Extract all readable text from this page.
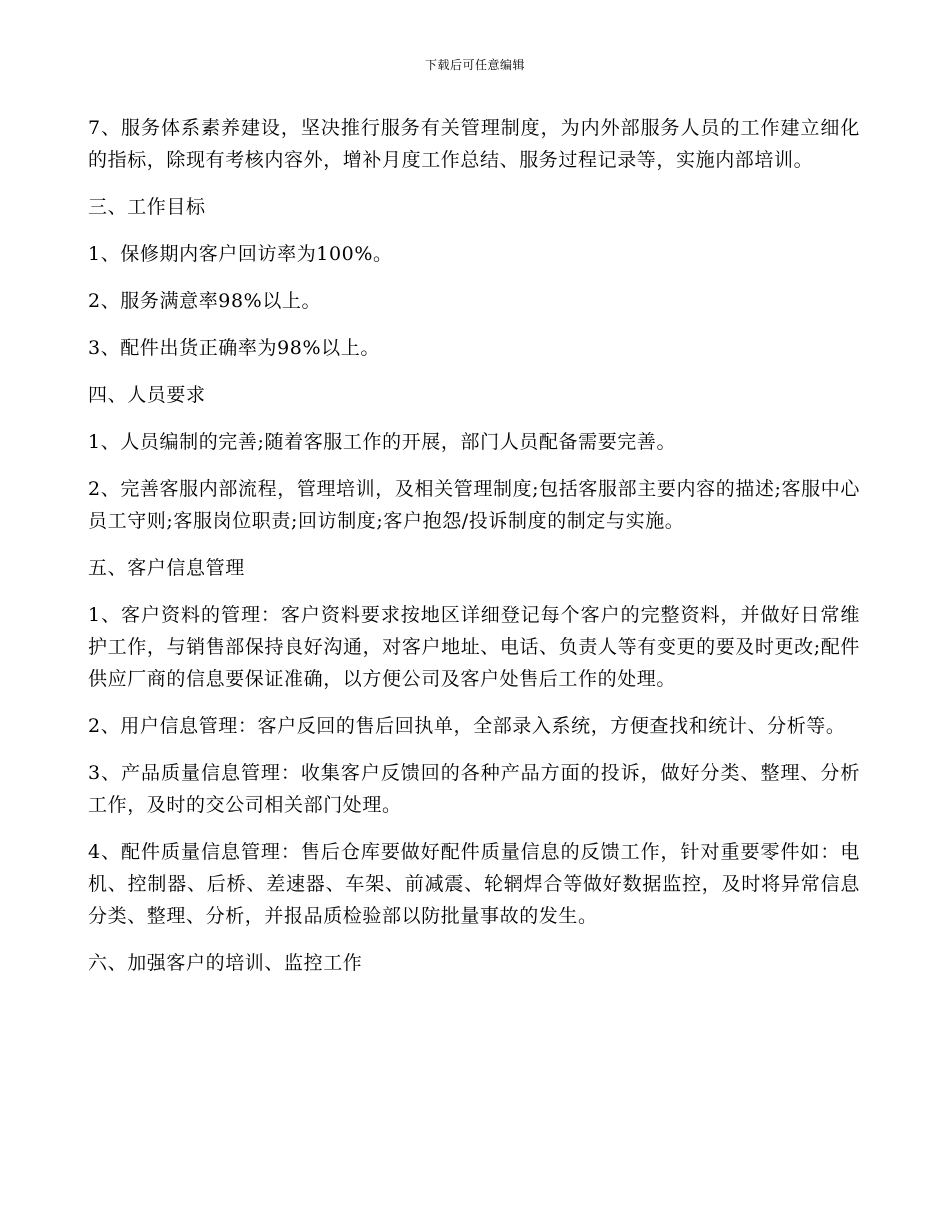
下载后可任意编辑

7、服务体系素养建设，坚决推行服务有关管理制度，为内外部服务人员的工作建立细化的指标，除现有考核内容外，增补月度工作总结、服务过程记录等，实施内部培训。

三、工作目标

1、保修期内客户回访率为100%。

2、服务满意率98%以上。

3、配件出货正确率为98%以上。

四、人员要求

1、人员编制的完善;随着客服工作的开展，部门人员配备需要完善。

2、完善客服内部流程，管理培训，及相关管理制度;包括客服部主要内容的描述;客服中心员工守则;客服岗位职责;回访制度;客户抱怨/投诉制度的制定与实施。

五、客户信息管理

1、客户资料的管理：客户资料要求按地区详细登记每个客户的完整资料，并做好日常维护工作，与销售部保持良好沟通，对客户地址、电话、负责人等有变更的要及时更改;配件供应厂商的信息要保证准确，以方便公司及客户处售后工作的处理。

2、用户信息管理：客户反回的售后回执单，全部录入系统，方便查找和统计、分析等。

3、产品质量信息管理：收集客户反馈回的各种产品方面的投诉，做好分类、整理、分析工作，及时的交公司相关部门处理。

4、配件质量信息管理：售后仓库要做好配件质量信息的反馈工作，针对重要零件如：电机、控制器、后桥、差速器、车架、前减震、轮辋焊合等做好数据监控，及时将异常信息分类、整理、分析，并报品质检验部以防批量事故的发生。

六、加强客户的培训、监控工作
